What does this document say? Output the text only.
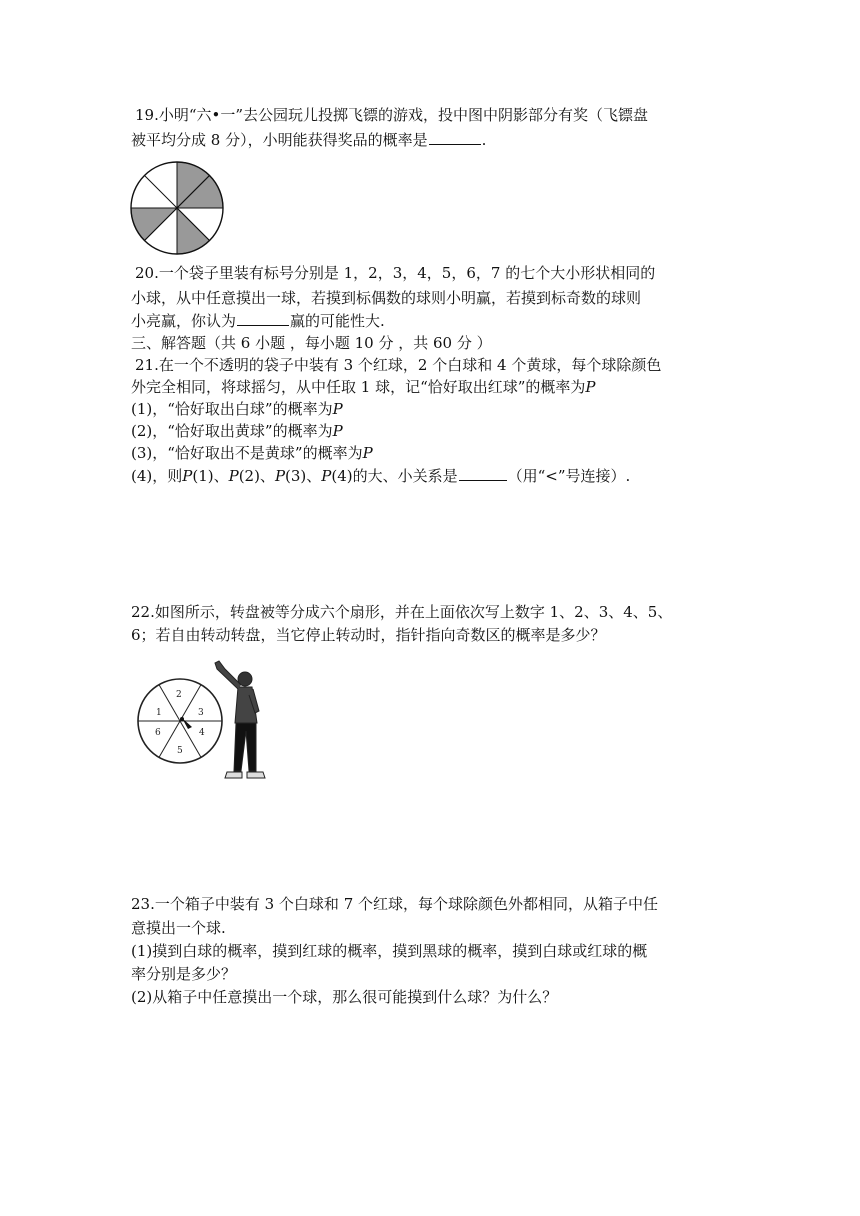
19.小明“六•一”去公园玩儿投掷飞镖的游戏，投中图中阴影部分有奖（飞镖盘
被平均分成 8 分），小明能获得奖品的概率是	.
20.一个袋子里装有标号分别是 1，2，3，4，5，6，7 的七个大小形状相同的
小球，从中任意摸出一球，若摸到标偶数的球则小明赢，若摸到标奇数的球则
小亮赢，你认为	赢的可能性大.
三、解答题（共 6 小题 ，每小题 10 分 ，共 60 分 ）
21.在一个不透明的袋子中装有 3 个红球，2 个白球和 4 个黄球，每个球除颜色
外完全相同，将球摇匀，从中任取 1 球，记“恰好取出红球”的概率为P
(1)，“恰好取出白球”的概率为P
(2)，“恰好取出黄球”的概率为P
(3)，“恰好取出不是黄球”的概率为P
(4)，则P(1)、P(2)、P(3)、P(4)的大、小关系是	（用“<”号连接）.
22.如图所示，转盘被等分成六个扇形，并在上面依次写上数字 1、2、3、4、5、
6；若自由转动转盘，当它停止转动时，指针指向奇数区的概率是多少？
1
2
3
4
5
6
23.一个箱子中装有 3 个白球和 7 个红球，每个球除颜色外都相同，从箱子中任
意摸出一个球.
(1)摸到白球的概率，摸到红球的概率，摸到黑球的概率，摸到白球或红球的概
率分别是多少？
(2)从箱子中任意摸出一个球，那么很可能摸到什么球？为什么？
